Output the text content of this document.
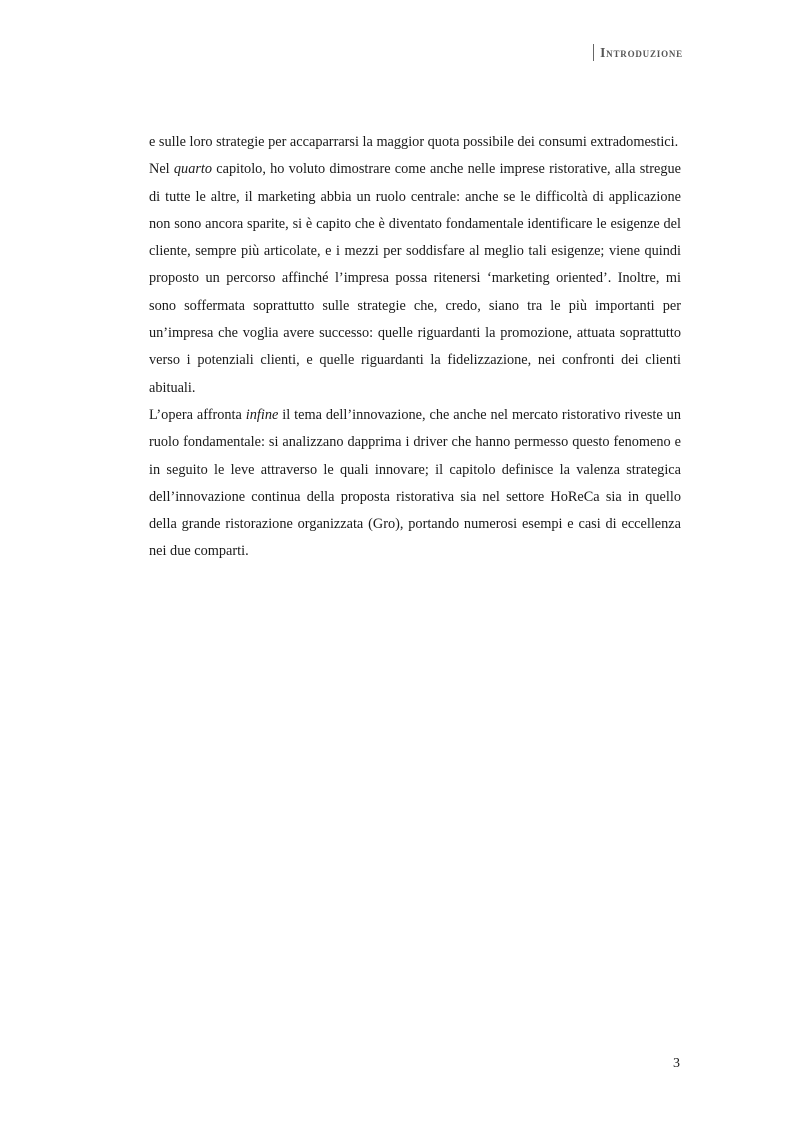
Introduzione

e sulle loro strategie per accaparrarsi la maggior quota possibile dei consumi extradomestici.

Nel quarto capitolo, ho voluto dimostrare come anche nelle imprese ristorative, alla stregue di tutte le altre, il marketing abbia un ruolo centrale: anche se le difficoltà di applicazione non sono ancora sparite, si è capito che è diventato fondamentale identificare le esigenze del cliente, sempre più articolate, e i mezzi per soddisfare al meglio tali esigenze; viene quindi proposto un percorso affinché l’impresa possa ritenersi ‘marketing oriented’. Inoltre, mi sono soffermata soprattutto sulle strategie che, credo, siano tra le più importanti per un’impresa che voglia avere successo: quelle riguardanti la promozione, attuata soprattutto verso i potenziali clienti, e quelle riguardanti la fidelizzazione, nei confronti dei clienti abituali.

L’opera affronta infine il tema dell’innovazione, che anche nel mercato ristorativo riveste un ruolo fondamentale: si analizzano dapprima i driver che hanno permesso questo fenomeno e in seguito le leve attraverso le quali innovare; il capitolo definisce la valenza strategica dell’innovazione continua della proposta ristorativa sia nel settore HoReCa sia in quello della grande ristorazione organizzata (Gro), portando numerosi esempi e casi di eccellenza nei due comparti.

3
